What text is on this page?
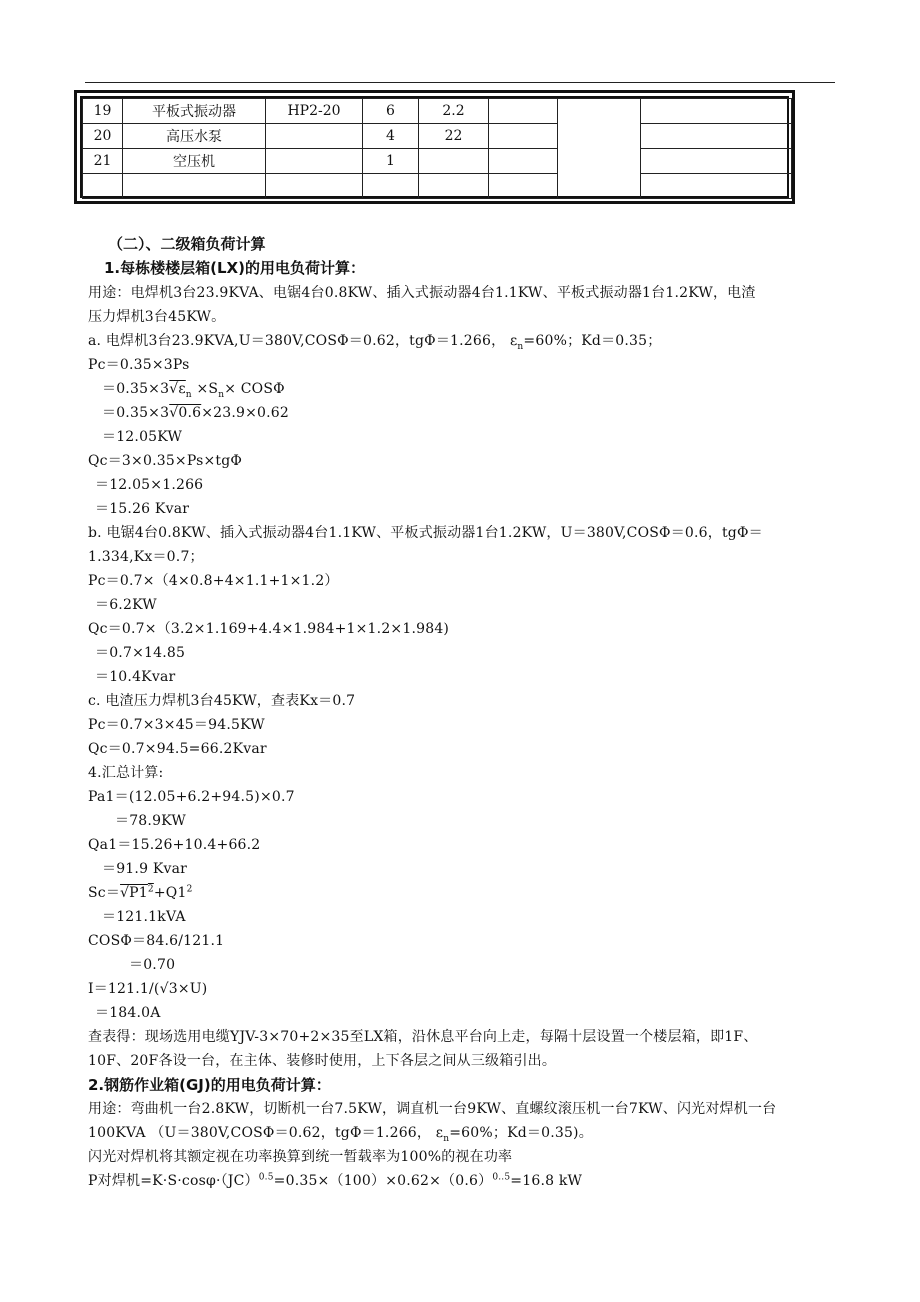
19	平板式振动器	HP2-20	6	2.2			
20	高压水泵		4	22			
21	空压机		1				

（二）、二级箱负荷计算
1.每栋楼楼层箱(LX)的用电负荷计算：
用途：电焊机3台23.9KVA、电锯4台0.8KW、插入式振动器4台1.1KW、平板式振动器1台1.2KW，电渣
压力焊机3台45KW。
a. 电焊机3台23.9KVA,U＝380V,COSΦ＝0.62，tgΦ＝1.266， $\varepsilon_n=60\%$；Kd＝0.35；
Pc＝0.35×3Ps
$=0.35\times 3√\varepsilon_n \times S_n\times COS\Phi$
＝0.35×3√0.6×23.9×0.62
＝12.05KW
Qc＝3×0.35×Ps×tgΦ
＝12.05×1.266
＝15.26 Kvar
b. 电锯4台0.8KW、插入式振动器4台1.1KW、平板式振动器1台1.2KW，U＝380V,COSΦ＝0.6，tgΦ＝
1.334,Kx＝0.7；
Pc＝0.7×（4×0.8+4×1.1+1×1.2）
＝6.2KW
Qc＝0.7×（3.2×1.169+4.4×1.984+1×1.2×1.984)
＝0.7×14.85
＝10.4Kvar
c. 电渣压力焊机3台45KW，查表Kx＝0.7
Pc＝0.7×3×45＝94.5KW
Qc＝0.7×94.5=66.2Kvar
4.汇总计算:
Pa1＝(12.05+6.2+94.5)×0.7
＝78.9KW
Qa1＝15.26+10.4+66.2
＝91.9 Kvar
$Sc=√P1^2+Q1^2$
＝121.1kVA
COSΦ＝84.6/121.1
＝0.70
I＝121.1/(√3×U)
＝184.0A
查表得：现场选用电缆YJV-3×70+2×35至LX箱，沿休息平台向上走，每隔十层设置一个楼层箱，即1F、
10F、20F各设一台，在主体、装修时使用，上下各层之间从三级箱引出。
2.钢筋作业箱(GJ)的用电负荷计算：
用途：弯曲机一台2.8KW，切断机一台7.5KW，调直机一台9KW、直螺纹滚压机一台7KW、闪光对焊机一台
100KVA （U＝380V,COSΦ＝0.62，tgΦ＝1.266， $\varepsilon_n=60\%$；Kd＝0.35)。
闪光对焊机将其额定视在功率换算到统一暂载率为100%的视在功率
P对焊机$=K\cdot S\cdot\cos\varphi\cdot(JC)^{0.5}=0.35\times(100)\times 0.62\times(0.6)^{0..5}=16.8$ kW
